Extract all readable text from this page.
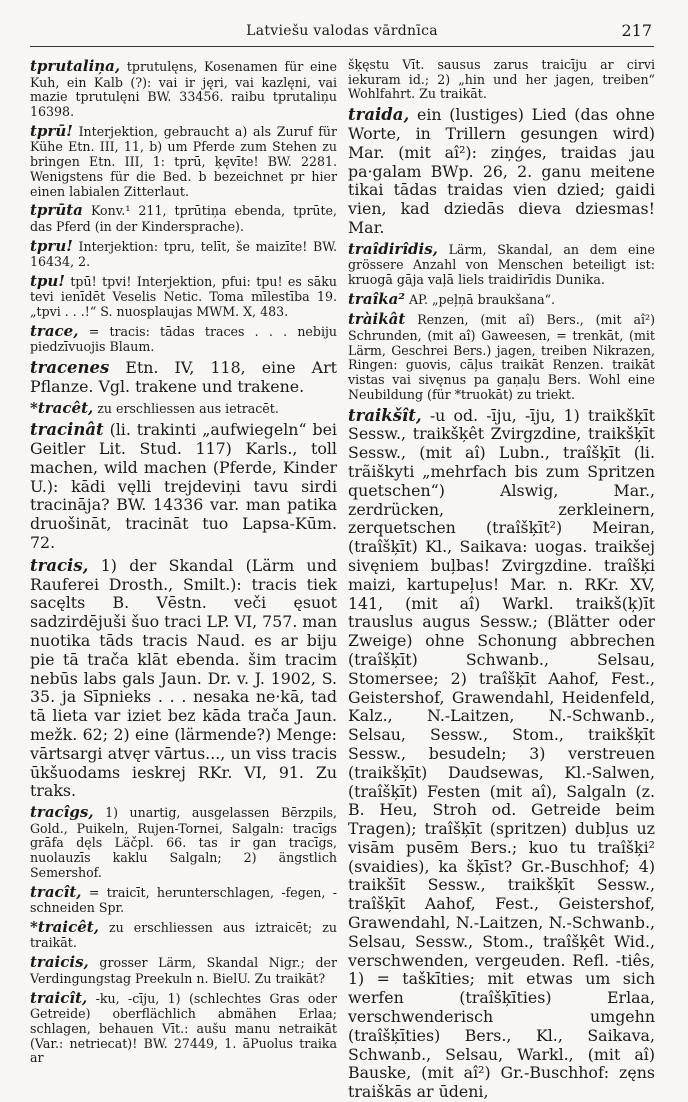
Latviešu valodas vārdnīca	217

tprutaliņa, tprutulęns, Kosenamen für eine Kuh, ein Kalb (?): vai ir jęri, vai kazlęni, vai mazie tprutulęni BW. 33456. raibu tprutaliņu 16398.

tprū! Interjektion, gebraucht a) als Zuruf für Kühe Etn. III, 11, b) um Pferde zum Stehen zu bringen Etn. III, 1: tprū, ķęvīte! BW. 2281. Wenigstens für die Bed. b bezeichnet pr hier einen labialen Zitterlaut.

tprūta Konv.¹ 211, tprūtiņa ebenda, tprūte, das Pferd (in der Kindersprache).

tpru! Interjektion: tpru, telīt, še maizīte! BW. 16434, 2.

tpu! tpū! tpvi! Interjektion, pfui: tpu! es sāku tevi ienīdēt Veselis Netic. Toma mīlestība 19. „tpvi . . .!“ S. nuosplaujas MWM. X, 483.

trace, = tracis: tādas traces . . . nebiju piedzīvuojis Blaum.

tracenes Etn. IV, 118, eine Art Pflanze. Vgl. trakene und trakene.

*tracêt, zu erschliessen aus ietracēt.

tracinât (li. trakinti „aufwiegeln“ bei Geitler Lit. Stud. 117) Karls., toll machen, wild machen (Pferde, Kinder U.): kādi vęlli trejdeviņi tavu sirdi tracināja? BW. 14336 var. man patika druošināt, tracināt tuo Lapsa-Kūm. 72.

tracis, 1) der Skandal (Lärm und Rauferei Drosth., Smilt.): tracis tiek sacęlts B. Vēstn. veči ęsuot sadzirdējuši šuo traci LP. VI, 757. man nuotika tāds tracis Naud. es ar biju pie tā trača klāt ebenda. šim tracim nebūs labs gals Jaun. Dr. v. J. 1902, S. 35. ja Sīpnieks . . . nesaka ne·kā, tad tā lieta var iziet bez kāda trača Jaun. mežk. 62; 2) eine (lärmende?) Menge: vārtsargi atvęr vārtus..., un viss tracis ūkšuodams ieskrej RKr. VI, 91. Zu traks.

tracîgs, 1) unartig, ausgelassen Bērzpils, Gold., Puikeln, Rujen-Tornei, Salgaln: tracīgs grāfa dęls Läčpl. 66. tas ir gan tracīgs, nuolauzīs kaklu Salgaln; 2) ängstlich Semershof.

tracît, = traicīt, herunterschlagen, -fegen, -schneiden Spr.

*traicêt, zu erschliessen aus iztraicēt; zu traikāt.

traicis, grosser Lärm, Skandal Nigr.; der Verdingungstag Preekuln n. BielU. Zu traikāt?

traicît, -ku, -cīju, 1) (schlechtes Gras oder Getreide) oberflächlich abmähen Erlaa; schlagen, behauen Vīt.: aušu manu netraikāt (Var.: netriecat)! BW. 27449, 1. āPuolus traika ar

šķęstu Vīt. sausus zarus traicīju ar cirvi iekuram id.; 2) „hin und her jagen, treiben“ Wohlfahrt. Zu traikāt.

traida, ein (lustiges) Lied (das ohne Worte, in Trillern gesungen wird) Mar. (mit aî²): ziņģes, traidas jau pa·galam BWp. 26, 2. ganu meitene tikai tādas traidas vien dzied; gaidi vien, kad dziedās dieva dziesmas! Mar.

traîdirîdis, Lärm, Skandal, an dem eine grössere Anzahl von Menschen beteiligt ist: kruogā gāja vaļā liels traidirīdis Dunika.

traîka² AP. „peļņā braukšana“.

tràikât Renzen, (mit aî) Bers., (mit aî²) Schrunden, (mit aî) Gaweesen, = trenkāt, (mit Lärm, Geschrei Bers.) jagen, treiben Nikrazen, Ringen: guovis, cāļus traikāt Renzen. traikāt vistas vai sivęnus pa gaņaļu Bers. Wohl eine Neubildung (für *truokāt) zu triekt.

traikšît, -u od. -īju, -īju, 1) traikšķīt Sessw., traikšķêt Zvirgzdine, traikšķīt Sessw., (mit aî) Lubn., traîšķīt (li. trãiškyti „mehrfach bis zum Spritzen quetschen“) Alswig, Mar., zerdrücken, zerkleinern, zerquetschen (traîšķīt²) Meiran, (traîšķīt) Kl., Saikava: uogas. traikšej sivęniem buļbas! Zvirgzdine. traîšķi maizi, kartupeļus! Mar. n. RKr. XV, 141, (mit aî) Warkl. traikš(ķ)īt trauslus augus Sessw.; (Blätter oder Zweige) ohne Schonung abbrechen (traîšķīt) Schwanb., Selsau, Stomersee; 2) traîšķīt Aahof, Fest., Geistershof, Grawendahl, Heidenfeld, Kalz., N.-Laitzen, N.-Schwanb., Selsau, Sessw., Stom., traikšķīt Sessw., besudeln; 3) verstreuen (traikšķīt) Daudsewas, Kl.-Salwen, (traîšķīt) Festen (mit aî), Salgaln (z. B. Heu, Stroh od. Getreide beim Tragen); traîšķīt (spritzen) dubļus uz visām pusēm Bers.; kuo tu traîšķi² (svaidies), ka šķīst? Gr.-Buschhof; 4) traikšīt Sessw., traikšķīt Sessw., traîšķīt Aahof, Fest., Geistershof, Grawendahl, N.-Laitzen, N.-Schwanb., Selsau, Sessw., Stom., traîšķêt Wid., verschwenden, vergeuden. Refl. -tiês, 1) = taškīties; mit etwas um sich werfen (traîšķīties) Erlaa, verschwenderisch umgehn (traîšķīties) Bers., Kl., Saikava, Schwanb., Selsau, Warkl., (mit aî) Bauske, (mit aî²) Gr.-Buschhof: zęns traiškās ar ūdeni,
